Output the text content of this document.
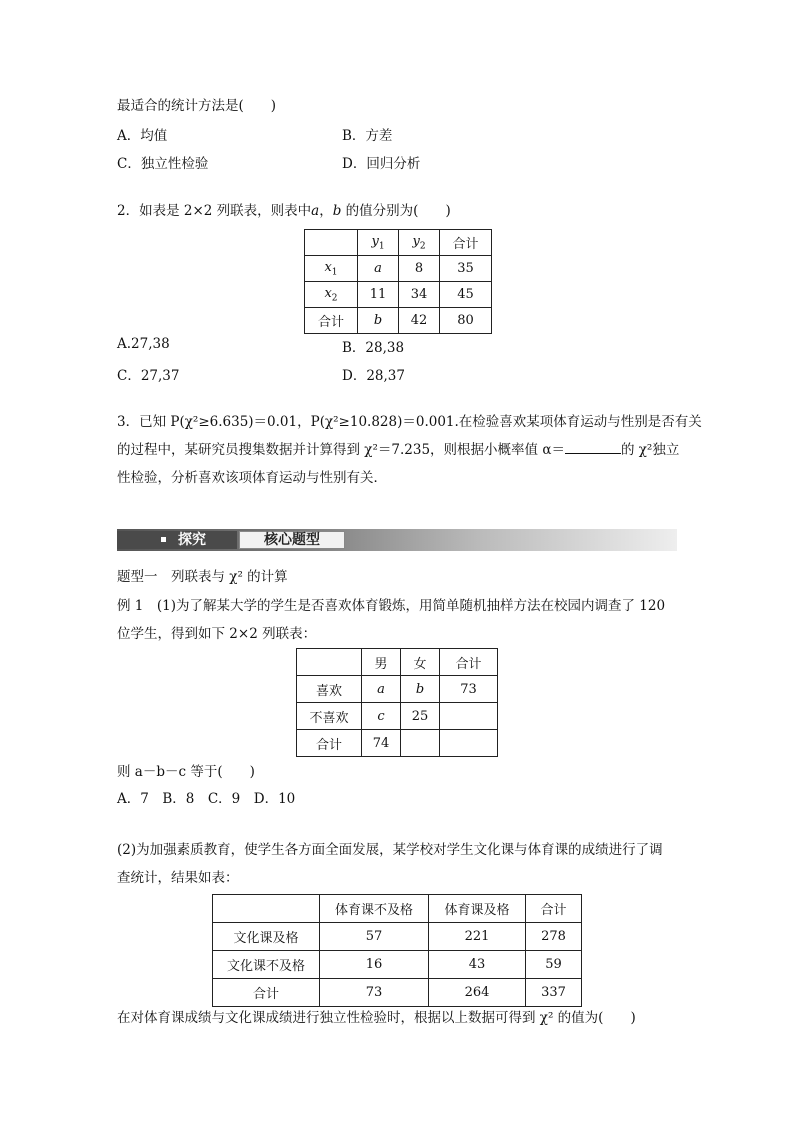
最适合的统计方法是(　　)
A．均值	B．方差
C．独立性检验	D．回归分析
2．如表是 2×2 列联表，则表中a，b 的值分别为(　　)
	$y_1$	$y_2$	合计
$x_1$	a	8	35
$x_2$	11	34	45
合计	b	42	80
A.27,38	B．28,38
C．27,37	D．28,37
3．已知 P(χ²≥6.635)＝0.01，P(χ²≥10.828)＝0.001.在检验喜欢某项体育运动与性别是否有关
的过程中，某研究员搜集数据并计算得到 χ²＝7.235，则根据小概率值 α＝	的 χ²独立
性检验，分析喜欢该项体育运动与性别有关．
探究	核心题型
题型一　列联表与 χ² 的计算
例 1　(1)为了解某大学的学生是否喜欢体育锻炼，用简单随机抽样方法在校园内调查了 120
位学生，得到如下 2×2 列联表：
	男	女	合计
喜欢	a	b	73
不喜欢	c	25	
合计	74		
则 a－b－c 等于(　　)
A．7　B．8　C．9　D．10
(2)为加强素质教育，使学生各方面全面发展，某学校对学生文化课与体育课的成绩进行了调
查统计，结果如表：
	体育课不及格	体育课及格	合计
文化课及格	57	221	278
文化课不及格	16	43	59
合计	73	264	337
在对体育课成绩与文化课成绩进行独立性检验时，根据以上数据可得到 χ² 的值为(　　)
